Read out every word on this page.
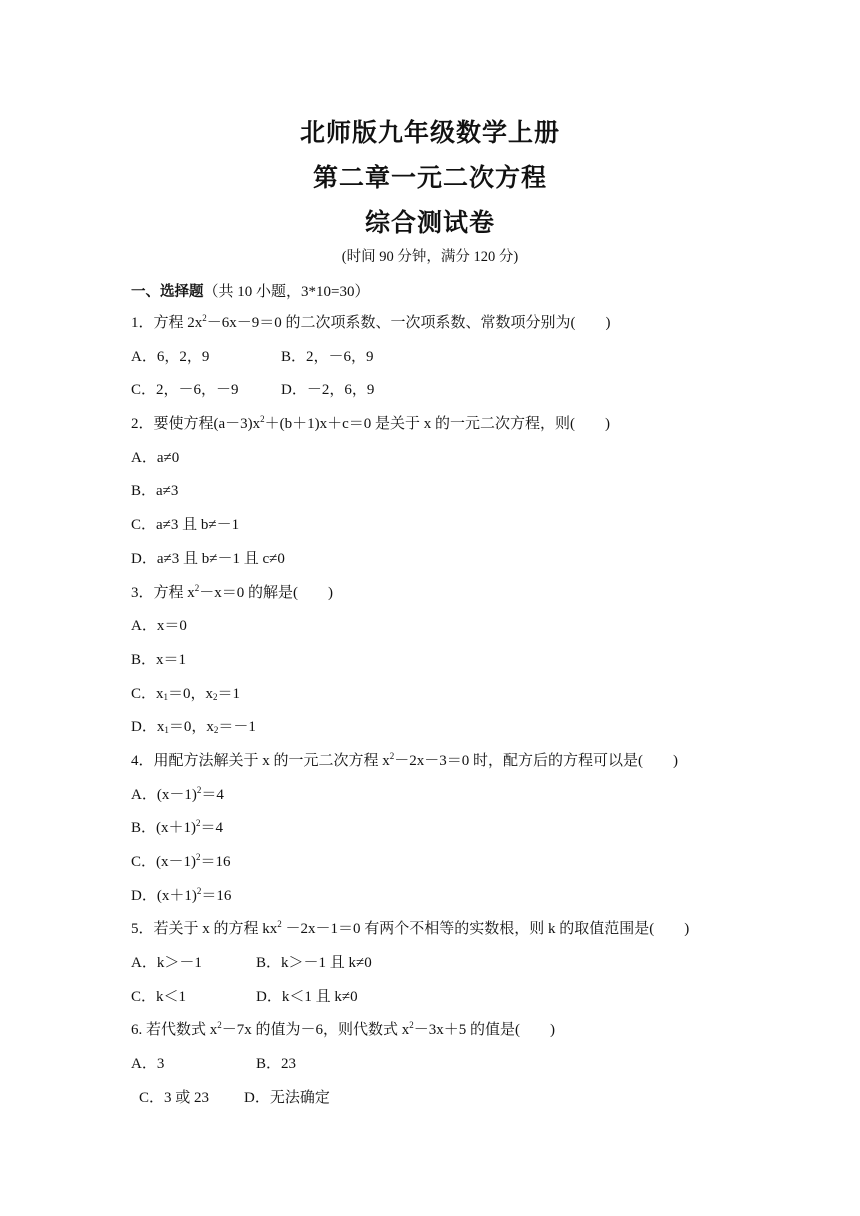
北师版九年级数学上册
第二章一元二次方程
综合测试卷
(时间 90 分钟，满分 120 分)
一、选择题（共 10 小题，3*10=30）
1．方程 $2x^2-6x-9=0$ 的二次项系数、一次项系数、常数项分别为(　　)
A．6，2，9	B．2，－6，9
C．2，－6，－9	D．－2，6，9
2．要使方程$(a-3)x^2+(b+1)x+c=0$ 是关于 x 的一元二次方程，则(　　)
A．a≠0
B．a≠3
C．a≠3 且 b≠－1
D．a≠3 且 b≠－1 且 c≠0
3．方程 $x^2-x=0$ 的解是(　　)
A．x＝0
B．x＝1
C．$x_1=0$，$x_2=1$
D．$x_1=0$，$x_2=-1$
4．用配方法解关于 x 的一元二次方程 $x^2-2x-3=0$ 时，配方后的方程可以是(　　)
A．$(x-1)^2=4$
B．$(x+1)^2=4$
C．$(x-1)^2=16$
D．$(x+1)^2=16$
5．若关于 x 的方程 $kx^2 -2x-1=0$ 有两个不相等的实数根，则 k 的取值范围是(　　)
A．k＞－1	B．k＞－1 且 k≠0
C．k＜1	D．k＜1 且 k≠0
6. 若代数式 $x^2-7x$ 的值为－6，则代数式 $x^2-3x+5$ 的值是(　　)
A．3	B．23
C．3 或 23 D．无法确定
